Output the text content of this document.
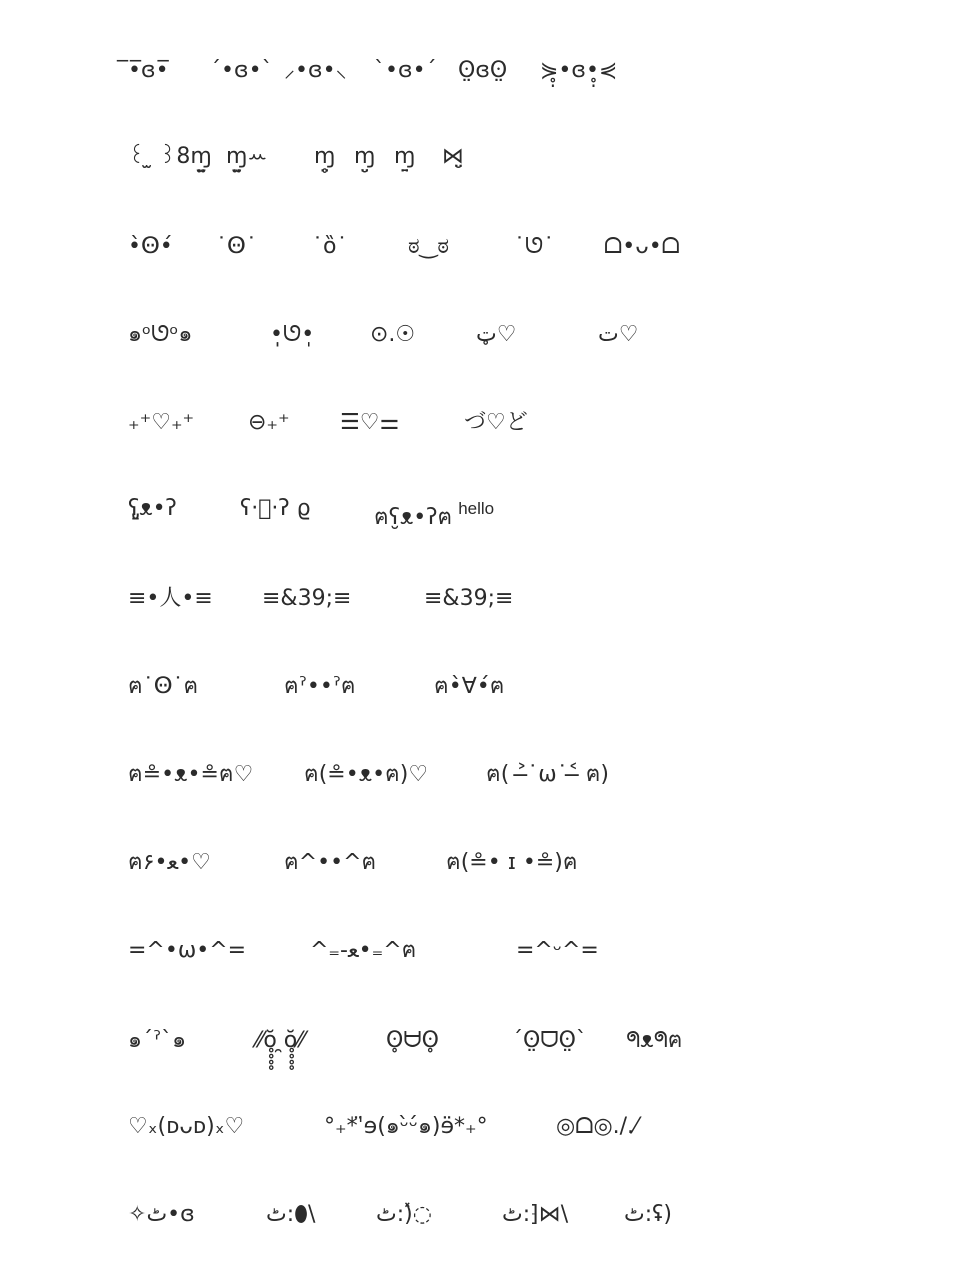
̅•̅ɞ•̅ ´•ɞ•` ⸝•ɞ•⸜ `•ɞ•´ ʘ̤ɞʘ̤ ⋟̥̣•ɞ•̥̣⋞
꒰ ̫ ꒱8ɱ̤̫ ɱ̤̫ꕀ ɱ̤̥ ɱ̤̮ ɱ̤̱ ⋈̤̮
•̀Ꙫ•́ ˙Ꙫ˙	˙ȍ˙	ಠ‿ಠ	˙ᘎ˙ ᗝ•ᴗ•ᗝ
๑ᵒᘎᵒ๑	•̩̩ᘎ•̩̩	⊙.☉	ټ♡	ت♡
₊⁺♡₊⁺ ⊖₊⁺ ☰♡⚌	づ♡ど
ʕ̡̢ᴥ•ʔ	ʕ·ᷤ·ʔ ϱ	ฅʕ̮ᴥ•ʔฅ $^{hello}$
≡•人•≡ ≡&39;≡	≡&39;≡
ฅ˙Ꙫ˙ฅ	ฅˀ••ˀฅ	ฅ•̀∀•́ฅ
ฅ≗•ᴥ•≗ฅ♡ ฅ(≗•ᴥ•ฅ)♡	ฅ( ˃̶˙ω˙˂̶ ฅ)
ฅ۶•ﻌ•♡	ฅ^••^ฅ	ฅ(≗• ɪ •≗)ฅ
=^•ω•^=	^₌-ﻌ•₌^ฅ	=^ᵕ^=
๑´ˀ`๑	⁄⁄ŏ̥̥̥̥ ̯ŏ̥̥̥̥⁄⁄	ʘ̥ᗨʘ̥	´ʘ̤ᗜʘ̤` ᖗᴥᖗฅ
♡ₓ(ᴅᴗᴅ)ₓ♡	°₊*ˈ̈ɘ(๑ᵕ̀ᵕ́๑)ɘ̈*₊°	◎ᗝ◎./.⁄
✧ٹ•ɞ	ٹ:⬮\	ٹ:)◌̽	ٹ:⁆⋈\	ٹ:ʢ)
